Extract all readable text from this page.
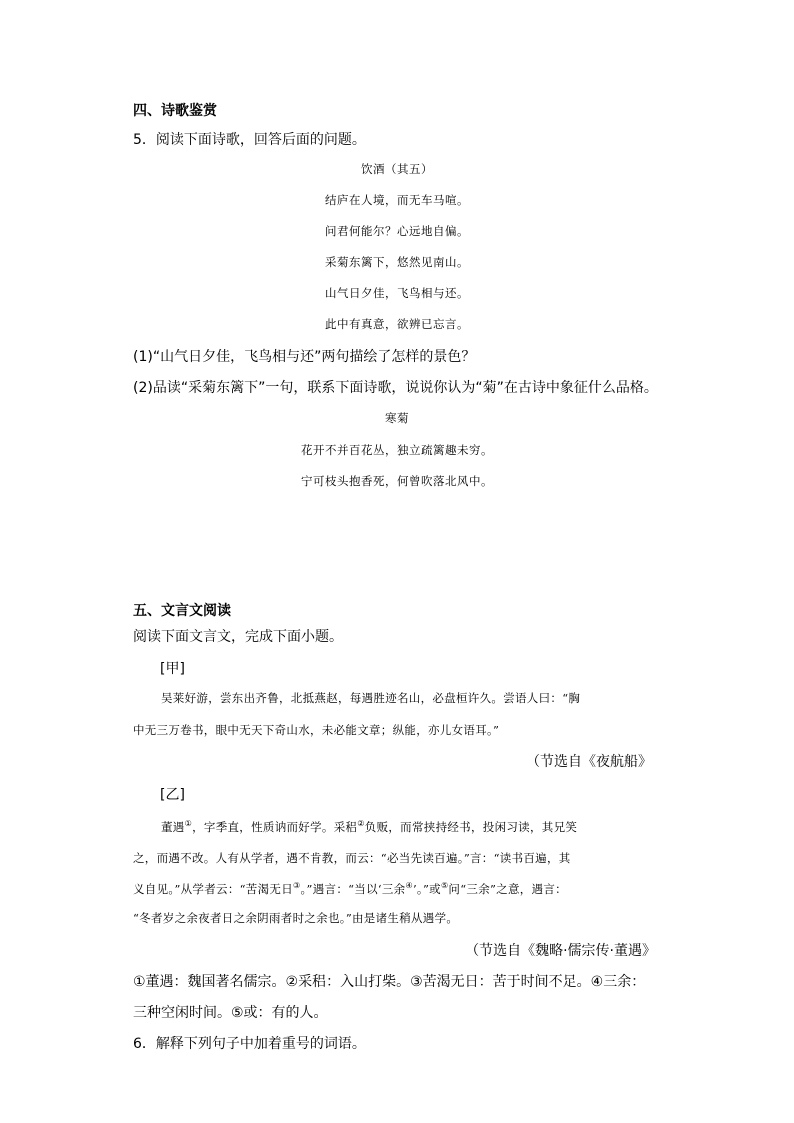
四、诗歌鉴赏
5．阅读下面诗歌，回答后面的问题。
饮酒（其五）
结庐在人境，而无车马喧。
问君何能尔？心远地自偏。
采菊东篱下，悠然见南山。
山气日夕佳，飞鸟相与还。
此中有真意，欲辨已忘言。
(1)“山气日夕佳，飞鸟相与还”两句描绘了怎样的景色？
(2)品读“采菊东篱下”一句，联系下面诗歌，说说你认为“菊”在古诗中象征什么品格。
寒菊
花开不并百花丛，独立疏篱趣未穷。
宁可枝头抱香死，何曾吹落北风中。
五、文言文阅读
阅读下面文言文，完成下面小题。
[甲]
吴莱好游，尝东出齐鲁，北抵燕赵，每遇胜迹名山，必盘桓许久。尝语人曰：“胸
中无三万卷书，眼中无天下奇山水，未必能文章；纵能，亦儿女语耳。”
（节选自《夜航船》
[乙]
董遇①，字季直，性质讷而好学。采稆②负贩，而常挟持经书，投闲习读，其兄笑
之，而遇不改。人有从学者，遇不肯教，而云：“必当先读百遍。”言：“读书百遍，其
义自见。”从学者云：“苦渴无日③。”遇言：“当以‘三余④’。”或⑤问“三余”之意，遇言：
“冬者岁之余夜者日之余阴雨者时之余也。”由是诸生稍从遇学。
（节选自《魏略·儒宗传·董遇》
①董遇：魏国著名儒宗。②采稆：入山打柴。③苦渴无日：苦于时间不足。④三余：
三种空闲时间。⑤或：有的人。
6．解释下列句子中加着重号的词语。
